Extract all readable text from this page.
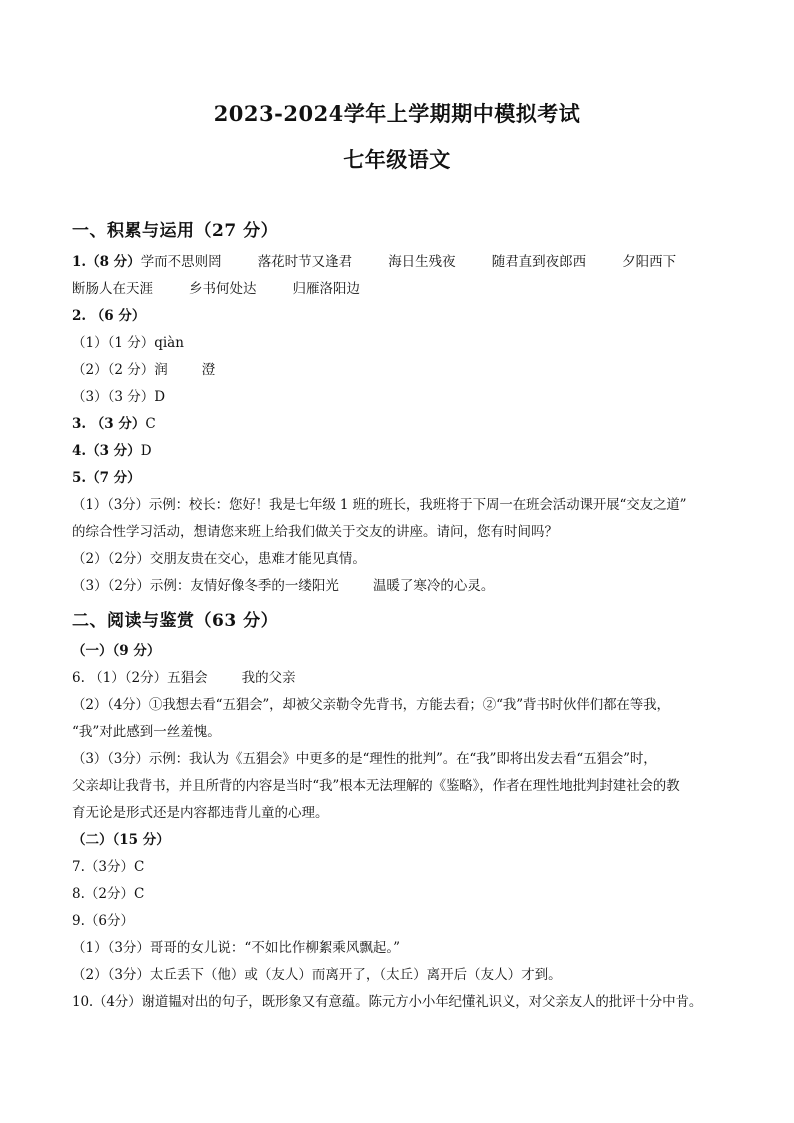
2023-2024学年上学期期中模拟考试
七年级语文
一、积累与运用（27 分）
1.（8 分）学而不思则罔	落花时节又逢君	海日生残夜	随君直到夜郎西	夕阳西下
断肠人在天涯	乡书何处达	归雁洛阳边
2. （6 分）
（1）（1 分）qiàn
（2）（2 分）润	澄
（3）（3 分）D
3. （3 分）C
4.（3 分）D
5.（7 分）
（1）（3分）示例：校长：您好！我是七年级 1 班的班长，我班将于下周一在班会活动课开展“交友之道”
的综合性学习活动，想请您来班上给我们做关于交友的讲座。请问，您有时间吗？
（2）（2分）交朋友贵在交心，患难才能见真情。
（3）（2分）示例：友情好像冬季的一缕阳光	温暖了寒冷的心灵。
二、阅读与鉴赏（63 分）
（一）（9 分）
6. （1）（2分）五猖会	我的父亲
（2）（4分）①我想去看“五猖会”，却被父亲勒令先背书，方能去看；②“我”背书时伙伴们都在等我，
“我”对此感到一丝羞愧。
（3）（3分）示例：我认为《五猖会》中更多的是“理性的批判”。在“我”即将出发去看“五猖会”时，
父亲却让我背书，并且所背的内容是当时“我”根本无法理解的《鉴略》，作者在理性地批判封建社会的教
育无论是形式还是内容都违背儿童的心理。
（二）（15 分）
7.（3分）C
8.（2分）C
9.（6分）
（1）（3分）哥哥的女儿说：“不如比作柳絮乘风飘起。”
（2）（3分）太丘丢下（他）或（友人）而离开了，（太丘）离开后（友人）才到。
10.（4分）谢道韫对出的句子，既形象又有意蕴。陈元方小小年纪懂礼识义，对父亲友人的批评十分中肯。
